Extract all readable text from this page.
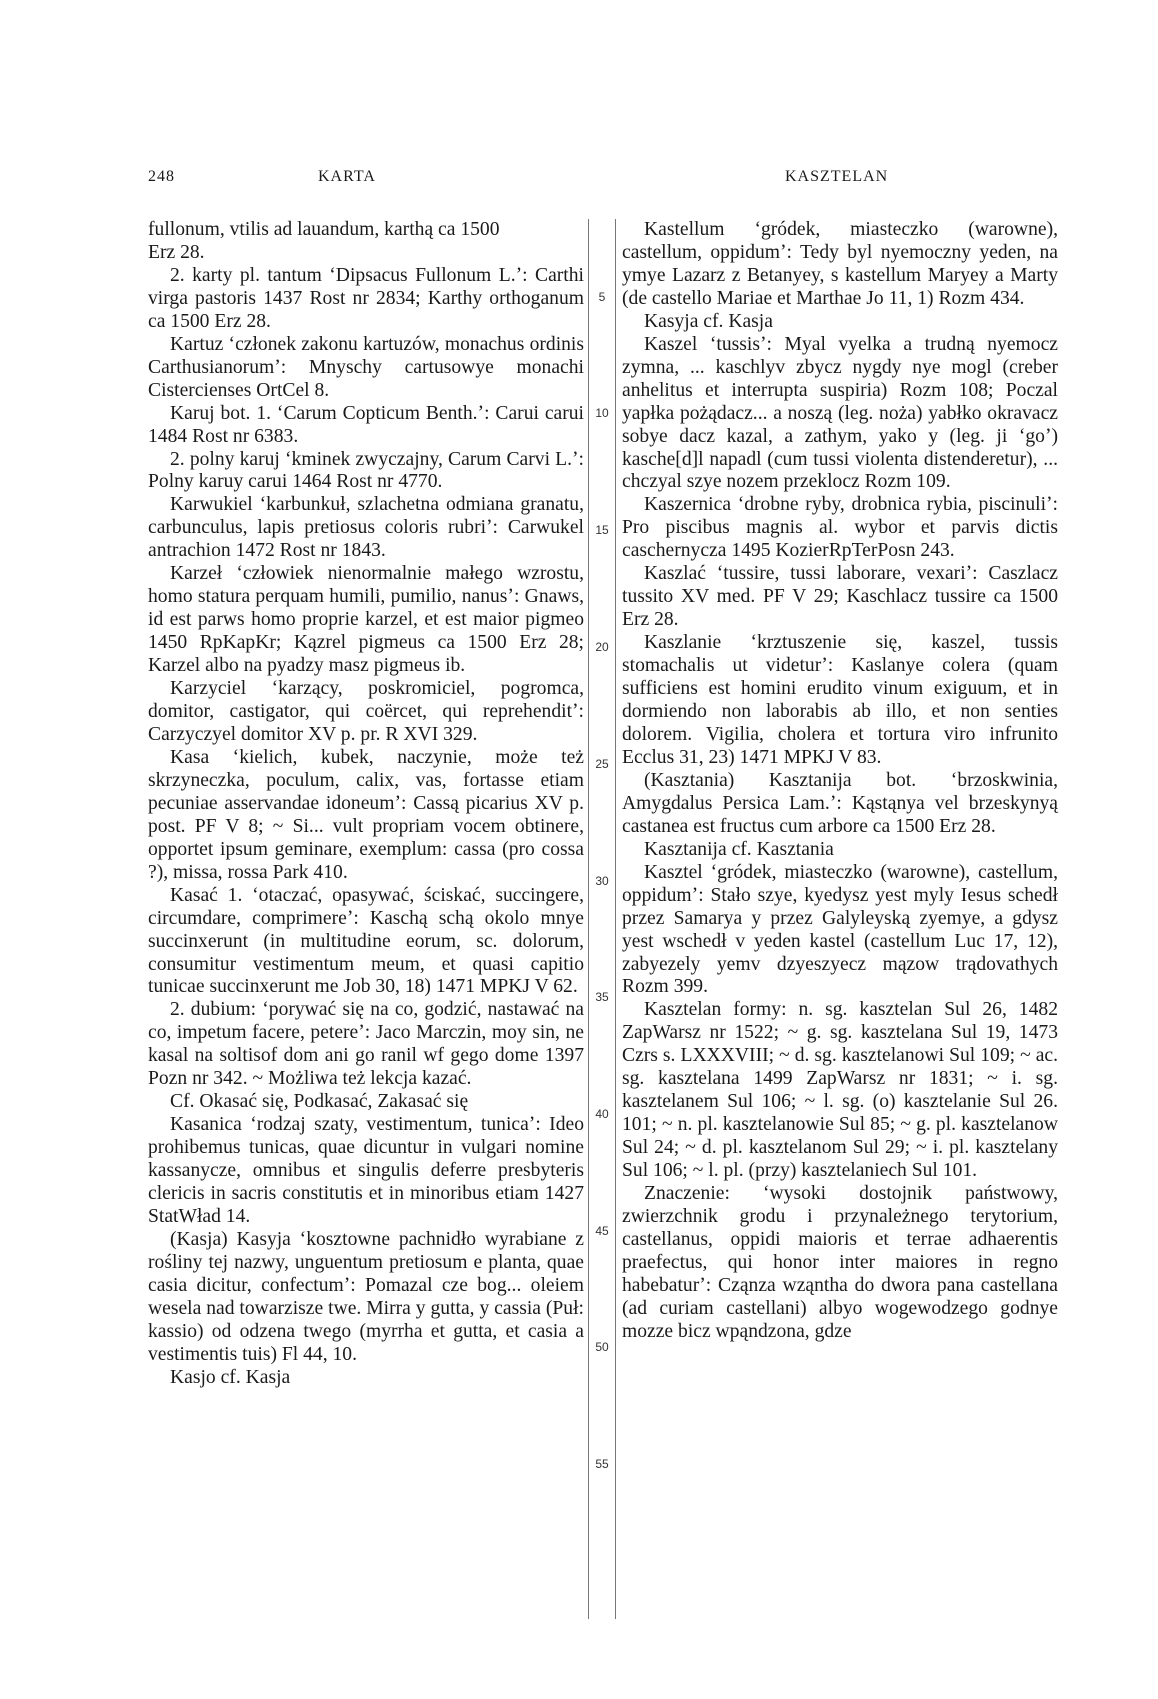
248	KARTA	KASZTELAN
5
10
15
20
25
30
35
40
45
50
55

fullonum, vtilis ad lauandum, karthą ca 1500
Erz 28.

2. karty pl. tantum ʻDipsacus Fullonum L.ʼ: Carthi virga pastoris 1437 Rost nr 2834; Karthy orthoganum ca 1500 Erz 28.

Kartuz ʻczłonek zakonu kartuzów, monachus ordinis Carthusianorumʼ: Mnyschy cartusowye monachi Cistercienses OrtCel 8.

Karuj bot. 1. ʻCarum Copticum Benth.ʼ: Carui carui 1484 Rost nr 6383.

2. polny karuj ʻkminek zwyczajny, Carum Carvi L.ʼ: Polny karuy carui 1464 Rost nr 4770.

Karwukiel ʻkarbunkuł, szlachetna odmiana granatu, carbunculus, lapis pretiosus coloris rubriʼ: Carwukel antrachion 1472 Rost nr 1843.

Karzeł ʻczłowiek nienormalnie małego wzrostu, homo statura perquam humili, pumilio, nanusʼ: Gnaws, id est parws homo proprie karzel, et est maior pigmeo 1450 RpKapKr; Kązrel pigmeus ca 1500 Erz 28; Karzel albo na pyadzy masz pigmeus ib.

Karzyciel ʻkarzący, poskromiciel, pogromca, domitor, castigator, qui coërcet, qui reprehenditʼ: Carzyczyel domitor XV p. pr. R XVI 329.

Kasa ʻkielich, kubek, naczynie, może też skrzyneczka, poculum, calix, vas, fortasse etiam pecuniae asservandae idoneumʼ: Cassą picarius XV p. post. PF V 8; ~ Si... vult propriam vocem obtinere, opportet ipsum geminare, exemplum: cassa (pro cossa ?), missa, rossa Park 410.

Kasać 1. ʻotaczać, opasywać, ściskać, succingere, circumdare, comprimereʼ: Kaschą schą okolo mnye succinxerunt (in multitudine eorum, sc. dolorum, consumitur vestimentum meum, et quasi capitio tunicae succinxerunt me Job 30, 18) 1471 MPKJ V 62.

2. dubium: ʻporywać się na co, godzić, nastawać na co, impetum facere, petereʼ: Jaco Marczin, moy sin, ne kasal na soltisof dom ani go ranil wf gego dome 1397 Pozn nr 342. ~ Możliwa też lekcja kazać.

Cf. Okasać się, Podkasać, Zakasać się

Kasanica ʻrodzaj szaty, vestimentum, tunicaʼ: Ideo prohibemus tunicas, quae dicuntur in vulgari nomine kassanycze, omnibus et singulis deferre presbyteris clericis in sacris constitutis et in minoribus etiam 1427 StatWład 14.

(Kasja) Kasyja ʻkosztowne pachnidło wyrabiane z rośliny tej nazwy, unguentum pretiosum e planta, quae casia dicitur, confectumʼ: Pomazal cze bog... oleiem wesela nad towarzisze twe. Mirra y gutta, y cassia (Puł: kassio) od odzena twego (myrrha et gutta, et casia a vestimentis tuis) Fl 44, 10.

Kasjo cf. Kasja

Kastellum ʻgródek, miasteczko (warowne), castellum, oppidumʼ: Tedy byl nyemoczny yeden, na ymye Lazarz z Betanyey, s kastellum Maryey a Marty (de castello Mariae et Marthae Jo 11, 1) Rozm 434.

Kasyja cf. Kasja

Kaszel ʻtussisʼ: Myal vyelka a trudną nyemocz zymna, ... kaschlyv zbycz nygdy nye mogl (creber anhelitus et interrupta suspiria) Rozm 108; Poczal yapłka pożądacz... a noszą (leg. noża) yabłko okravacz sobye dacz kazal, a zathym, yako y (leg. ji ʻgoʼ) kasche[d]l napadl (cum tussi violenta distenderetur), ... chczyal szye nozem przeklocz Rozm 109.

Kaszernica ʻdrobne ryby, drobnica rybia, piscinuliʼ: Pro piscibus magnis al. wybor et parvis dictis caschernycza 1495 KozierRpTerPosn 243.

Kaszlać ʻtussire, tussi laborare, vexariʼ: Caszlacz tussito XV med. PF V 29; Kaschlacz tussire ca 1500 Erz 28.

Kaszlanie ʻkrztuszenie się, kaszel, tussis stomachalis ut videturʼ: Kaslanye colera (quam sufficiens est homini erudito vinum exiguum, et in dormiendo non laborabis ab illo, et non senties dolorem. Vigilia, cholera et tortura viro infrunito Ecclus 31, 23) 1471 MPKJ V 83.

(Kasztania) Kasztanija bot. ʻbrzoskwinia, Amygdalus Persica Lam.ʼ: Kąstąnya vel brzeskynyą castanea est fructus cum arbore ca 1500 Erz 28.

Kasztanija cf. Kasztania

Kasztel ʻgródek, miasteczko (warowne), castellum, oppidumʼ: Stało szye, kyedysz yest myly Iesus schedł przez Samarya y przez Galyleyską zyemye, a gdysz yest wschedł v yeden kastel (castellum Luc 17, 12), zabyezely yemv dzyeszyecz mązow trądovathych Rozm 399.

Kasztelan formy: n. sg. kasztelan Sul 26, 1482 ZapWarsz nr 1522; ~ g. sg. kasztelana Sul 19, 1473 Czrs s. LXXXVIII; ~ d. sg. kasztelanowi Sul 109; ~ ac. sg. kasztelana 1499 ZapWarsz nr 1831; ~ i. sg. kasztelanem Sul 106; ~ l. sg. (o) kasztelanie Sul 26. 101; ~ n. pl. kasztelanowie Sul 85; ~ g. pl. kasztelanow Sul 24; ~ d. pl. kasztelanom Sul 29; ~ i. pl. kasztelany Sul 106; ~ l. pl. (przy) kasztelaniech Sul 101.

Znaczenie: ʻwysoki dostojnik państwowy, zwierzchnik grodu i przynależnego terytorium, castellanus, oppidi maioris et terrae adhaerentis praefectus, qui honor inter maiores in regno habebaturʼ: Cząnza wząntha do dwora pana castellana (ad curiam castellani) albyo wogewodzego godnye mozze bicz wpąndzona, gdze
